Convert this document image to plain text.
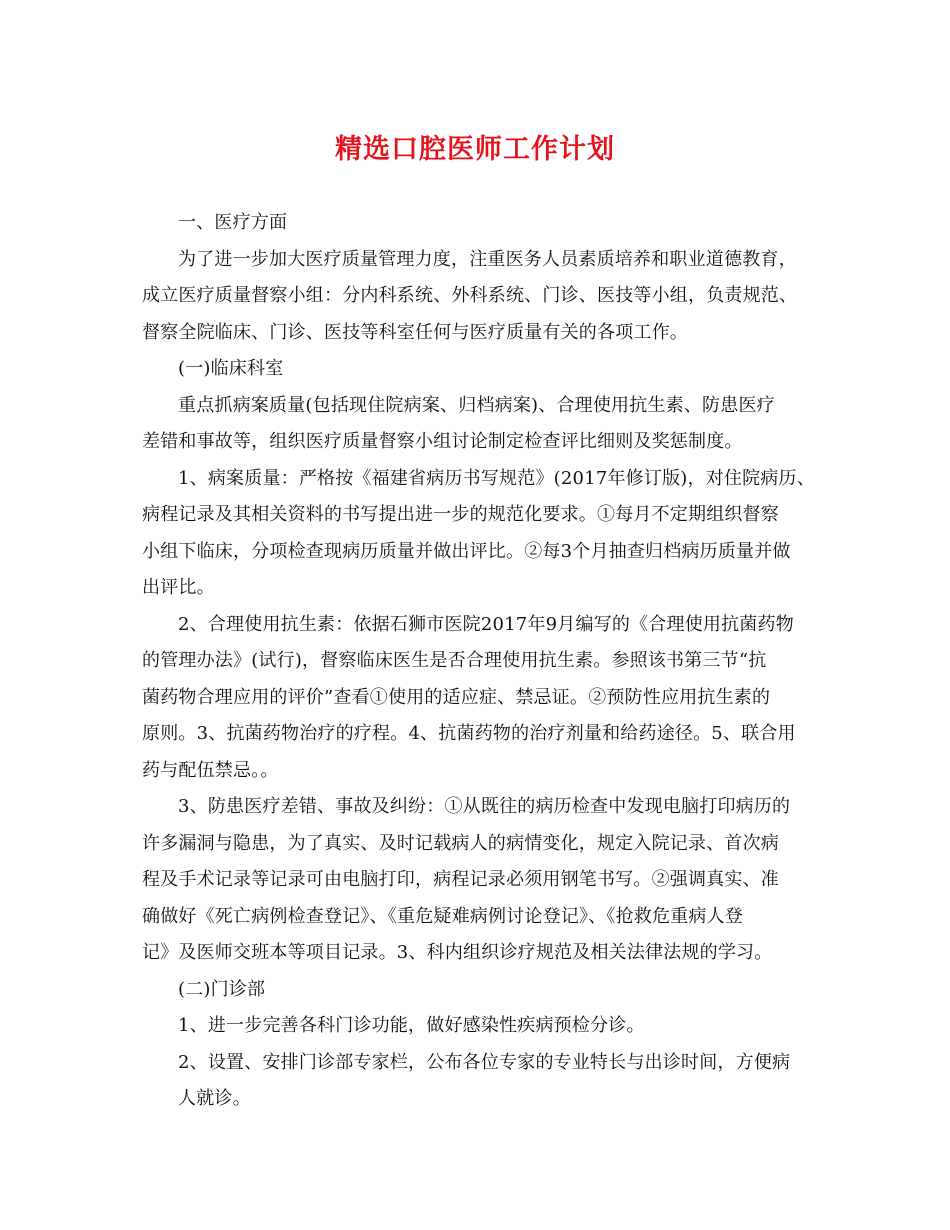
精选口腔医师工作计划
一、医疗方面
为了进一步加大医疗质量管理力度，注重医务人员素质培养和职业道德教育，
成立医疗质量督察小组：分内科系统、外科系统、门诊、医技等小组，负责规范、
督察全院临床、门诊、医技等科室任何与医疗质量有关的各项工作。
(一)临床科室
重点抓病案质量(包括现住院病案、归档病案)、合理使用抗生素、防患医疗
差错和事故等，组织医疗质量督察小组讨论制定检查评比细则及奖惩制度。
1、病案质量：严格按《福建省病历书写规范》(2017年修订版)，对住院病历、
病程记录及其相关资料的书写提出进一步的规范化要求。①每月不定期组织督察
小组下临床，分项检查现病历质量并做出评比。②每3个月抽查归档病历质量并做
出评比。
2、合理使用抗生素：依据石狮市医院2017年9月编写的《合理使用抗菌药物
的管理办法》(试行)，督察临床医生是否合理使用抗生素。参照该书第三节“抗
菌药物合理应用的评价”查看①使用的适应症、禁忌证。②预防性应用抗生素的
原则。3、抗菌药物治疗的疗程。4、抗菌药物的治疗剂量和给药途径。5、联合用
药与配伍禁忌。。
3、防患医疗差错、事故及纠纷：①从既往的病历检查中发现电脑打印病历的
许多漏洞与隐患，为了真实、及时记载病人的病情变化，规定入院记录、首次病
程及手术记录等记录可由电脑打印，病程记录必须用钢笔书写。②强调真实、准
确做好《死亡病例检查登记》、《重危疑难病例讨论登记》、《抢救危重病人登
记》及医师交班本等项目记录。3、科内组织诊疗规范及相关法律法规的学习。
(二)门诊部
1、进一步完善各科门诊功能，做好感染性疾病预检分诊。
2、设置、安排门诊部专家栏，公布各位专家的专业特长与出诊时间，方便病
人就诊。
